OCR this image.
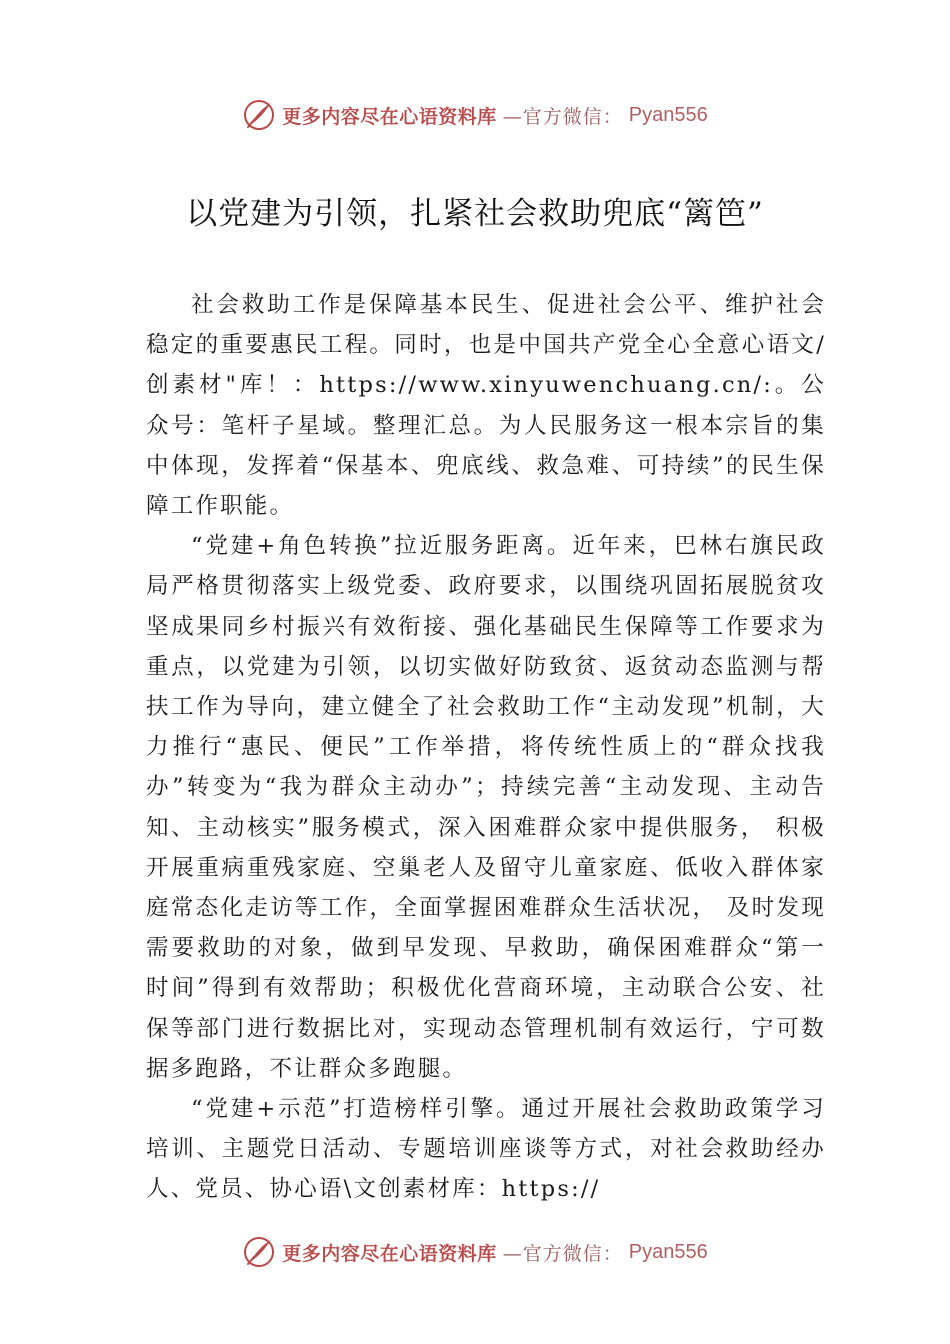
更多内容尽在心语资料库 —官方微信： Pyan556
以党建为引领，扎紧社会救助兜底“篱笆”

社会救助工作是保障基本民生、促进社会公平、维护社会稳定的重要惠民工程。同时，也是中国共产党全心全意心语文/创素材"库！：https://www.xinyuwenchuang.cn/:。公众号：笔杆子星域。整理汇总。为人民服务这一根本宗旨的集中体现，发挥着“保基本、兜底线、救急难、可持续”的民生保障工作职能。

“党建+角色转换”拉近服务距离。近年来，巴林右旗民政局严格贯彻落实上级党委、政府要求，以围绕巩固拓展脱贫攻坚成果同乡村振兴有效衔接、强化基础民生保障等工作要求为重点，以党建为引领，以切实做好防致贫、返贫动态监测与帮扶工作为导向，建立健全了社会救助工作“主动发现”机制，大力推行“惠民、便民”工作举措，将传统性质上的“群众找我办”转变为“我为群众主动办”；持续完善“主动发现、主动告知、主动核实”服务模式，深入困难群众家中提供服务， 积极开展重病重残家庭、空巢老人及留守儿童家庭、低收入群体家庭常态化走访等工作，全面掌握困难群众生活状况， 及时发现需要救助的对象，做到早发现、早救助，确保困难群众“第一时间”得到有效帮助；积极优化营商环境，主动联合公安、社保等部门进行数据比对，实现动态管理机制有效运行，宁可数据多跑路，不让群众多跑腿。

“党建+示范”打造榜样引擎。通过开展社会救助政策学习培训、主题党日活动、专题培训座谈等方式，对社会救助经办人、党员、协心语\文创素材库：https://

更多内容尽在心语资料库 —官方微信： Pyan556
